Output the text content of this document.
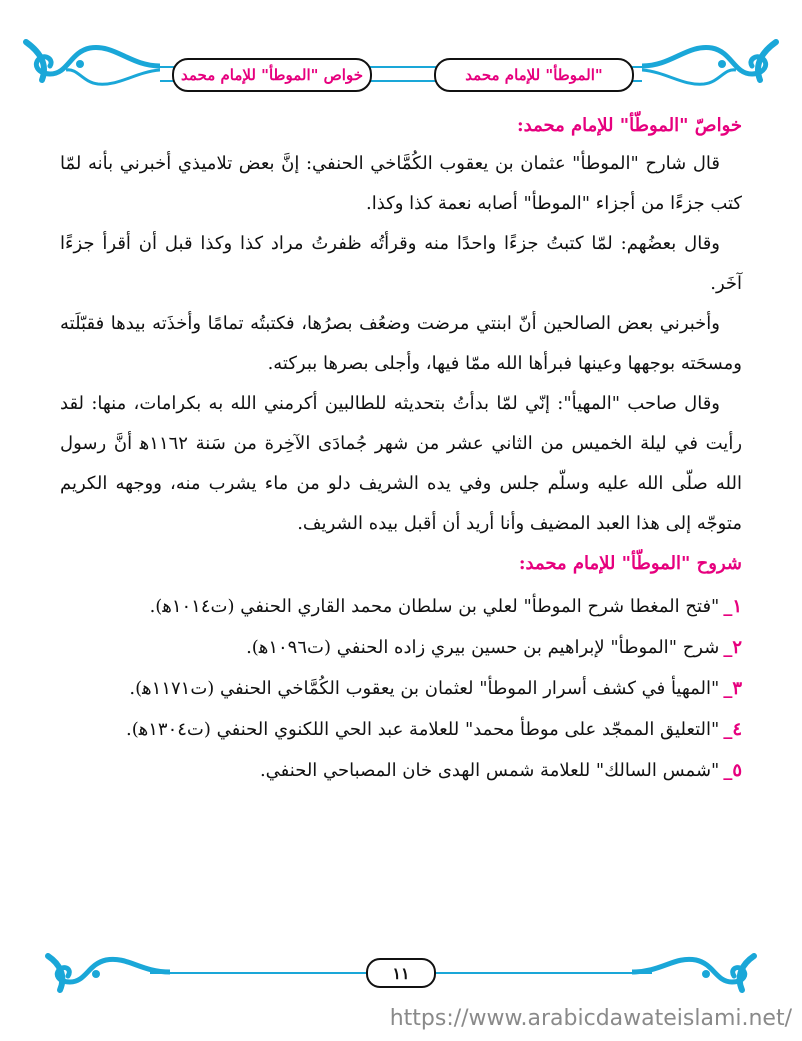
خواص "الموطأ" للإمام محمد	"الموطأ" للإمام محمد
خواصّ "الموطّأ" للإمام محمد:

قال شارح "الموطأ" عثمان بن يعقوب الكُمَّاخي الحنفي: إنَّ بعض تلاميذي أخبرني بأنه لمّا كتب جزءًا من أجزاء "الموطأ" أصابه نعمة كذا وكذا.

وقال بعضُهم: لمّا كتبتُ جزءًا واحدًا منه وقرأتُه ظفرتُ مراد كذا وكذا قبل أن أقرأ جزءًا آخَر.

وأخبرني بعض الصالحين أنّ ابنتي مرضت وضعُف بصرُها، فكتبتُه تمامًا وأخذَته بيدها فقبّلَته ومسحَته بوجهها وعينها فبرأها الله ممّا فيها، وأجلى بصرها ببركته.

وقال صاحب "المهيأ": إنّي لمّا بدأتُ بتحديثه للطالبين أكرمني الله به بكرامات، منها: لقد رأيت في ليلة الخميس من الثاني عشر من شهر جُمادَى الآخِرة من سَنة ١١٦٢ﻫ أنَّ رسول الله صلّى الله عليه وسلّم جلس وفي يده الشريف دلو من ماء يشرب منه، ووجهه الكريم متوجّه إلى هذا العبد المضيف وأنا أريد أن أقبل بيده الشريف.

شروح "الموطّأ" للإمام محمد:
١_"فتح المغطا شرح الموطأ" لعلي بن سلطان محمد القاري الحنفي (ت١٠١٤ﻫ).
٢_شرح "الموطأ" لإبراهيم بن حسين بيري زاده الحنفي (ت١٠٩٦ﻫ).
٣_"المهيأ في كشف أسرار الموطأ" لعثمان بن يعقوب الكُمَّاخي الحنفي (ت١١٧١ﻫ).
٤_"التعليق الممجّد على موطأ محمد" للعلامة عبد الحي اللكنوي الحنفي (ت١٣٠٤ﻫ).
٥_"شمس السالك" للعلامة شمس الهدى خان المصباحي الحنفي.
١١
https://www.arabicdawateislami.net/
